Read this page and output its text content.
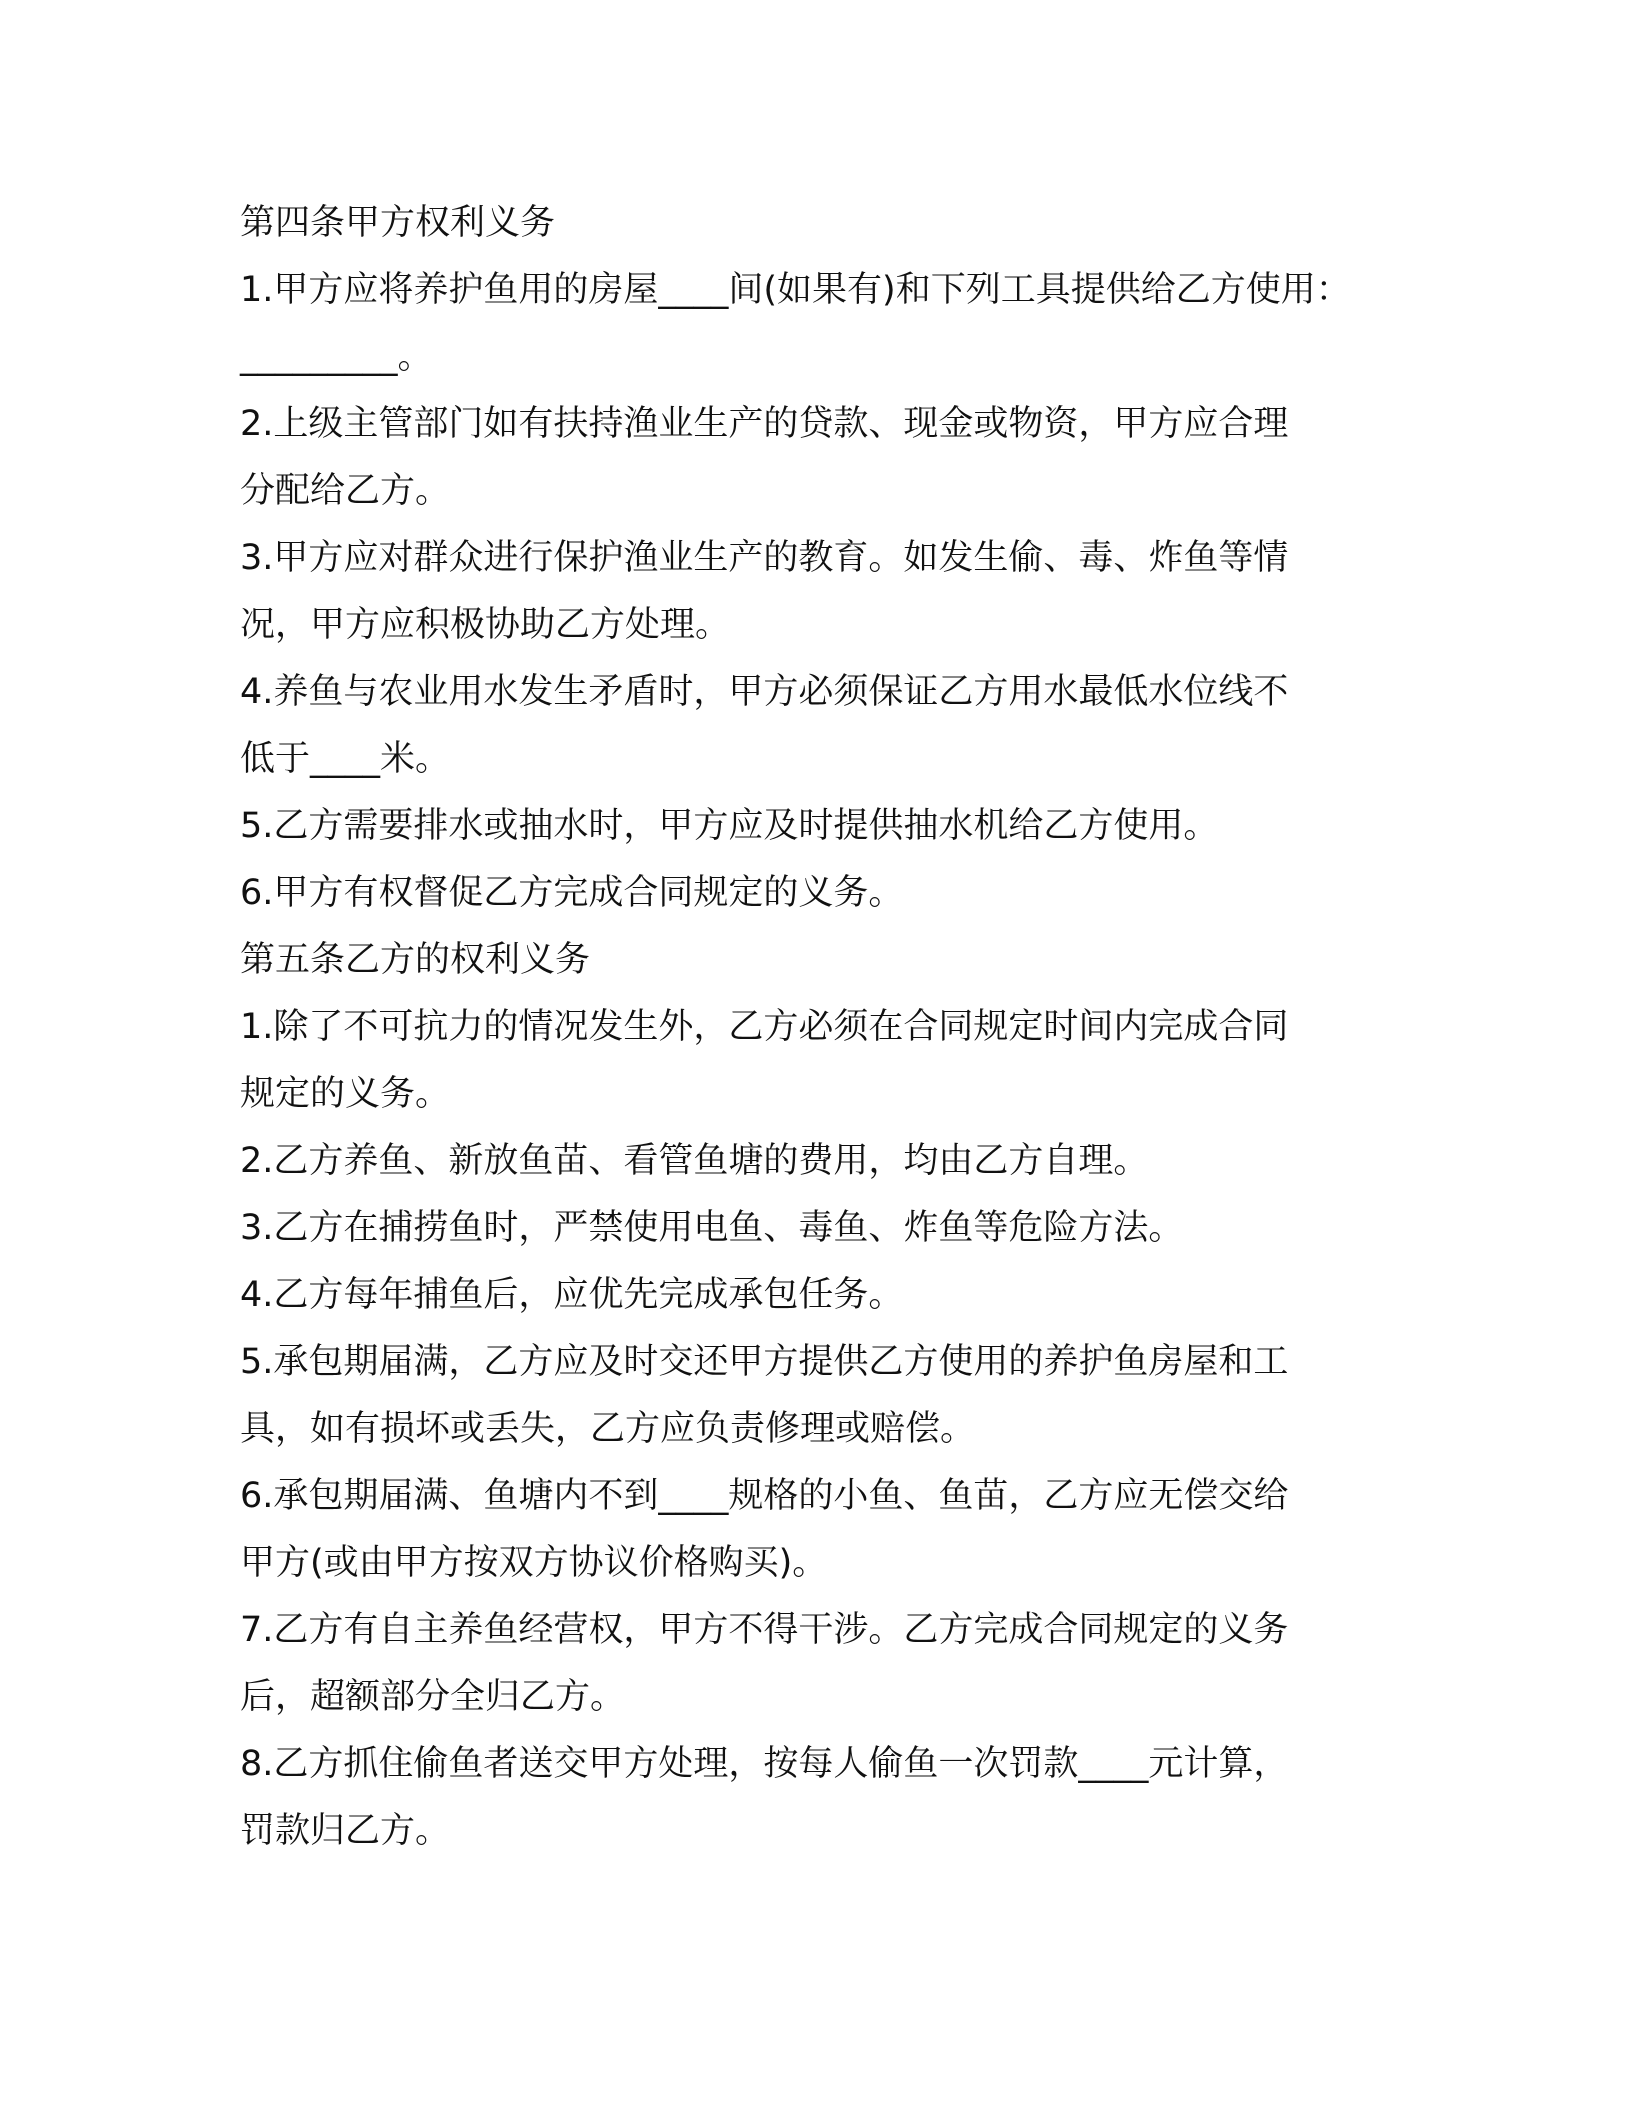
第四条甲方权利义务

1.甲方应将养护鱼用的房屋____间(如果有)和下列工具提供给乙方使用：

_________。

2.上级主管部门如有扶持渔业生产的贷款、现金或物资，甲方应合理

分配给乙方。

3.甲方应对群众进行保护渔业生产的教育。如发生偷、毒、炸鱼等情

况，甲方应积极协助乙方处理。

4.养鱼与农业用水发生矛盾时，甲方必须保证乙方用水最低水位线不

低于____米。

5.乙方需要排水或抽水时，甲方应及时提供抽水机给乙方使用。

6.甲方有权督促乙方完成合同规定的义务。

第五条乙方的权利义务

1.除了不可抗力的情况发生外，乙方必须在合同规定时间内完成合同

规定的义务。

2.乙方养鱼、新放鱼苗、看管鱼塘的费用，均由乙方自理。

3.乙方在捕捞鱼时，严禁使用电鱼、毒鱼、炸鱼等危险方法。

4.乙方每年捕鱼后，应优先完成承包任务。

5.承包期届满，乙方应及时交还甲方提供乙方使用的养护鱼房屋和工

具，如有损坏或丢失，乙方应负责修理或赔偿。

6.承包期届满、鱼塘内不到____规格的小鱼、鱼苗，乙方应无偿交给

甲方(或由甲方按双方协议价格购买)。

7.乙方有自主养鱼经营权，甲方不得干涉。乙方完成合同规定的义务

后，超额部分全归乙方。

8.乙方抓住偷鱼者送交甲方处理，按每人偷鱼一次罚款____元计算，

罚款归乙方。
